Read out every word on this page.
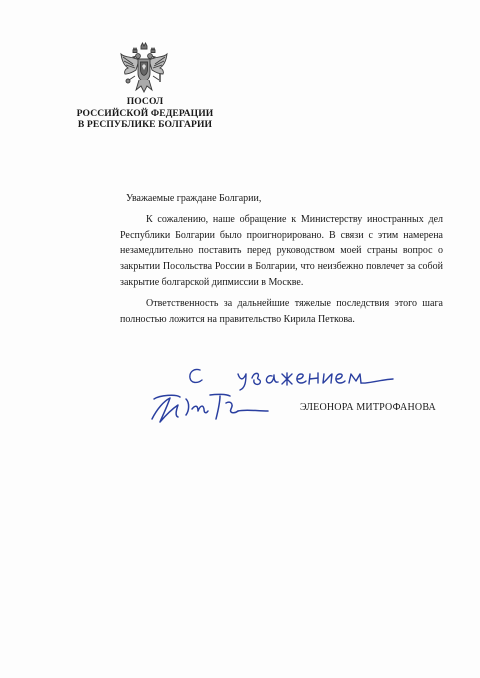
ПОСОЛ
РОССИЙСКОЙ ФЕДЕРАЦИИ
В РЕСПУБЛИКЕ БОЛГАРИИ

Уважаемые граждане Болгарии,

К сожалению, наше обращение к Министерству иностранных дел Республики Болгарии было проигнорировано. В связи с этим намерена незамедлительно поставить перед руководством моей страны вопрос о закрытии Посольства России в Болгарии, что неизбежно повлечет за собой закрытие болгарской дипмиссии в Москве.

Ответственность за дальнейшие тяжелые последствия этого шага полностью ложится на правительство Кирила Петкова.

ЭЛЕОНОРА МИТРОФАНОВА
